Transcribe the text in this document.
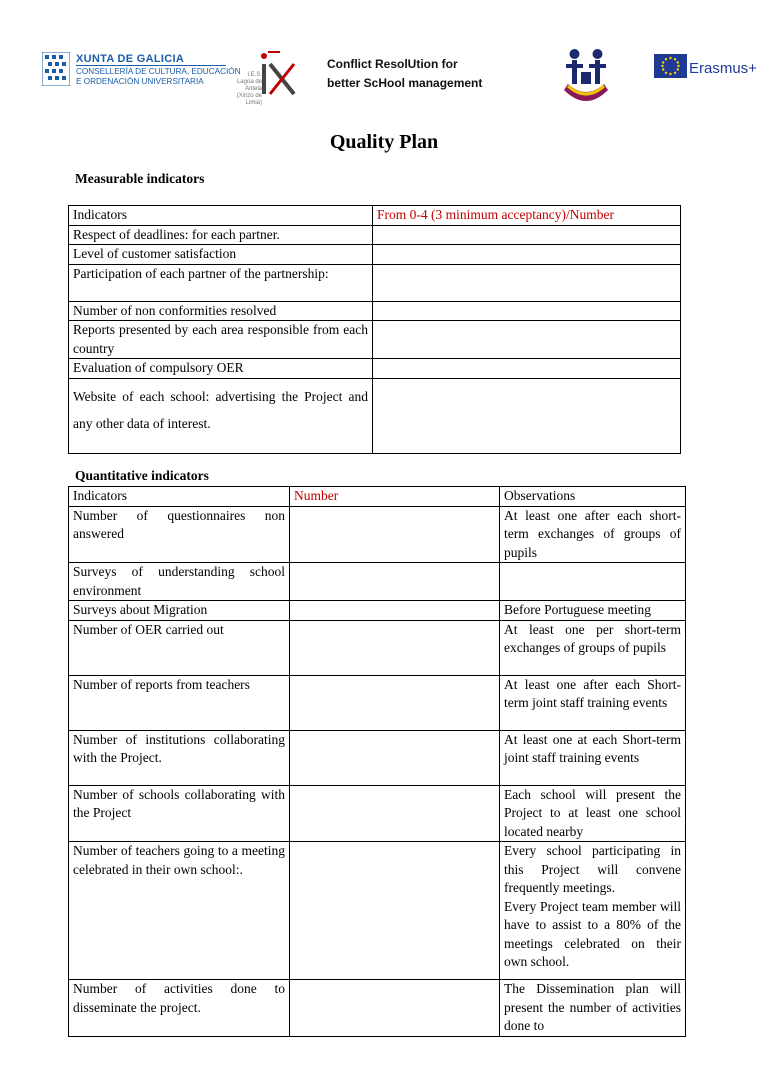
XUNTA DE GALICIA
CONSELLERÍA DE CULTURA, EDUCACIÓN
E ORDENACIÓN UNIVERSITARIA
I.E.S. Lagoa de Antela (Xinzo de Limia)
Conflict ResolUtion for
better ScHool management
Erasmus+
Quality Plan
Measurable indicators
Indicators	From 0-4 (3 minimum acceptancy)/Number
Respect of deadlines: for each partner.	
Level of customer satisfaction	
Participation of each partner of the partnership:	
Number of non conformities resolved	
Reports presented by each area responsible from each country	
Evaluation of compulsory OER	
Website of each school: advertising the Project and any other data of interest.	
Quantitative indicators
Indicators	Number	Observations
Number of questionnaires non answered		At least one after each short-term exchanges of groups of pupils
Surveys of understanding school environment		
Surveys about Migration		Before Portuguese meeting
Number of OER carried out		At least one per short-term exchanges of groups of pupils
Number of reports from teachers		At least one after each Short-term joint staff training events
Number of institutions collaborating with the Project.		At least one at each Short-term joint staff training events
Number of schools collaborating with the Project		Each school will present the Project to at least one school located nearby
Number of teachers going to a meeting celebrated in their own school:.		Every school participating in this Project will convene frequently meetings.
Every Project team member will have to assist to a 80% of the meetings celebrated on their own school.

Number of activities done to disseminate the project.		The Dissemination plan will present the number of activities done to
